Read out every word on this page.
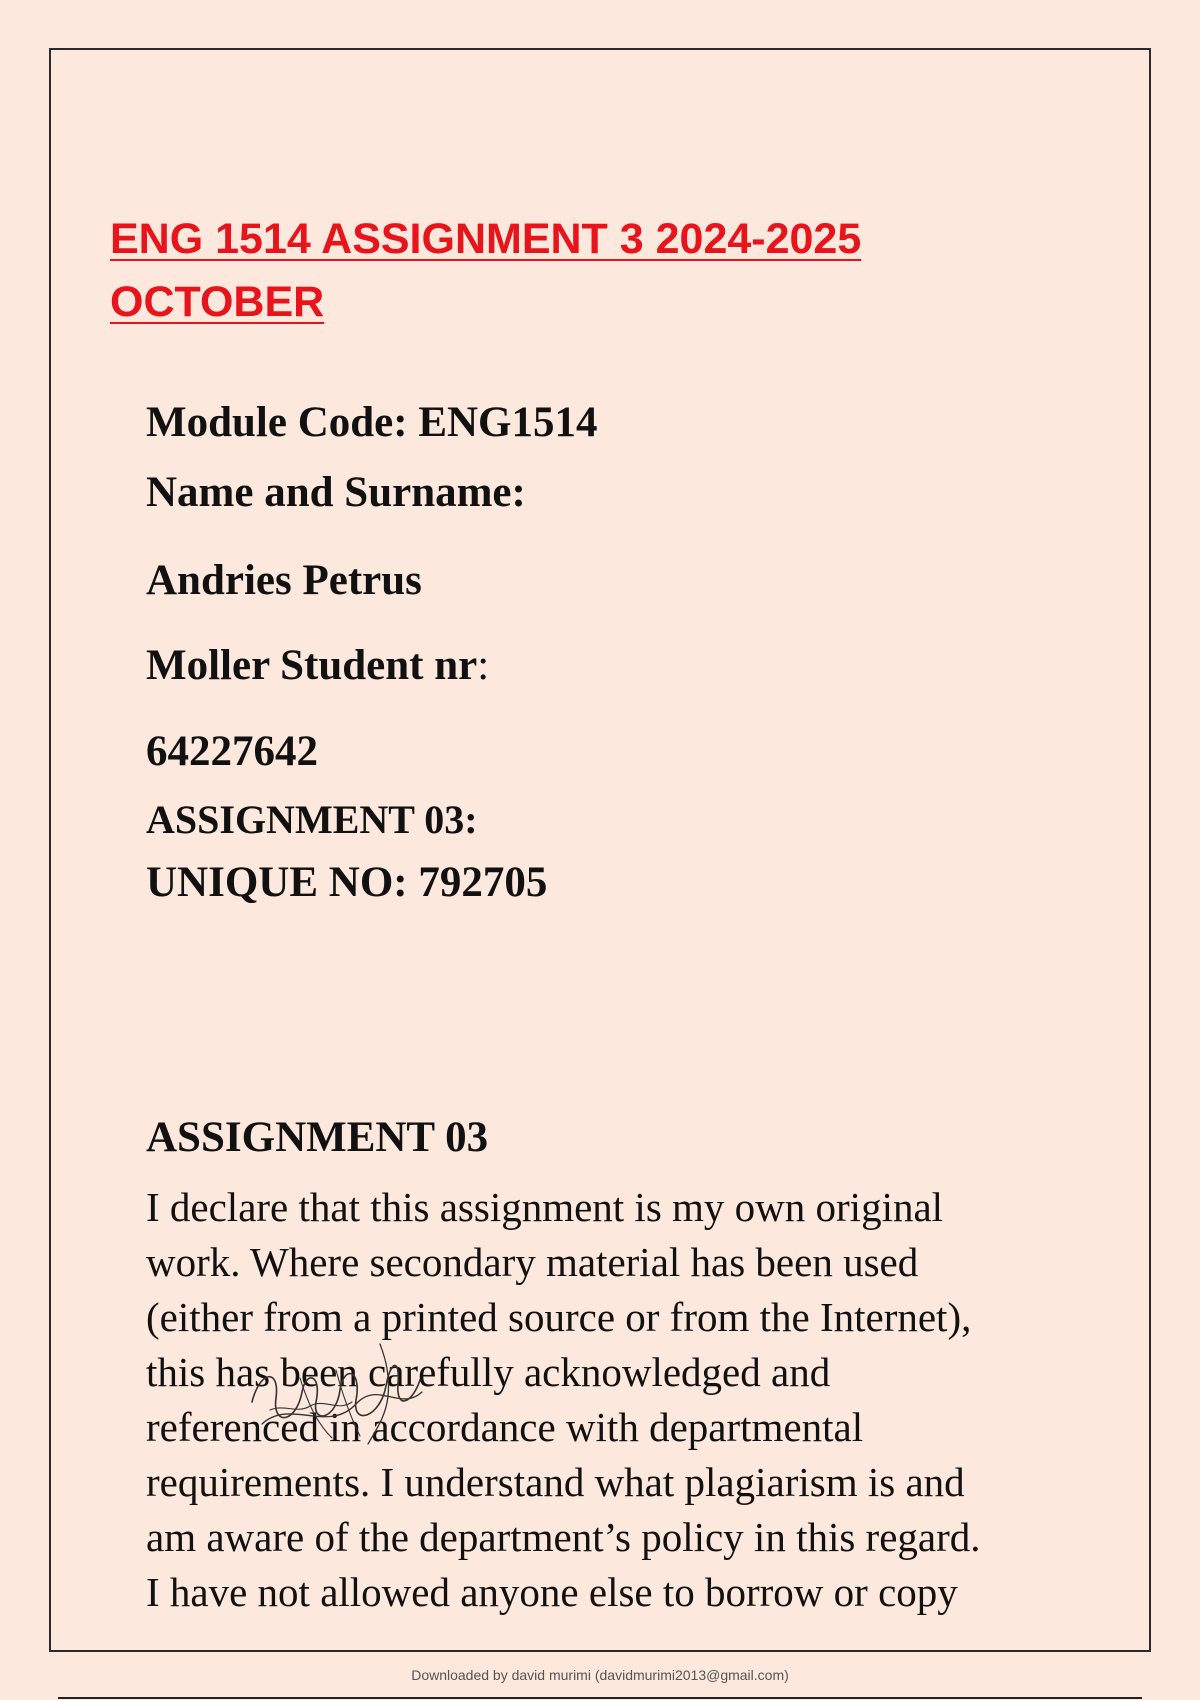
ENG 1514 ASSIGNMENT 3 2024-2025
OCTOBER

Module Code: ENG1514

Name and Surname:

Andries Petrus

Moller Student nr:

64227642

ASSIGNMENT 03:

UNIQUE NO: 792705

ASSIGNMENT 03

I declare that this assignment is my own original
work. Where secondary material has been used
(either from a printed source or from the Internet),
this has been carefully acknowledged and
referenced in accordance with departmental
requirements. I understand what plagiarism is and
am aware of the department’s policy in this regard.
I have not allowed anyone else to borrow or copy

Downloaded by david murimi (davidmurimi2013@gmail.com)
